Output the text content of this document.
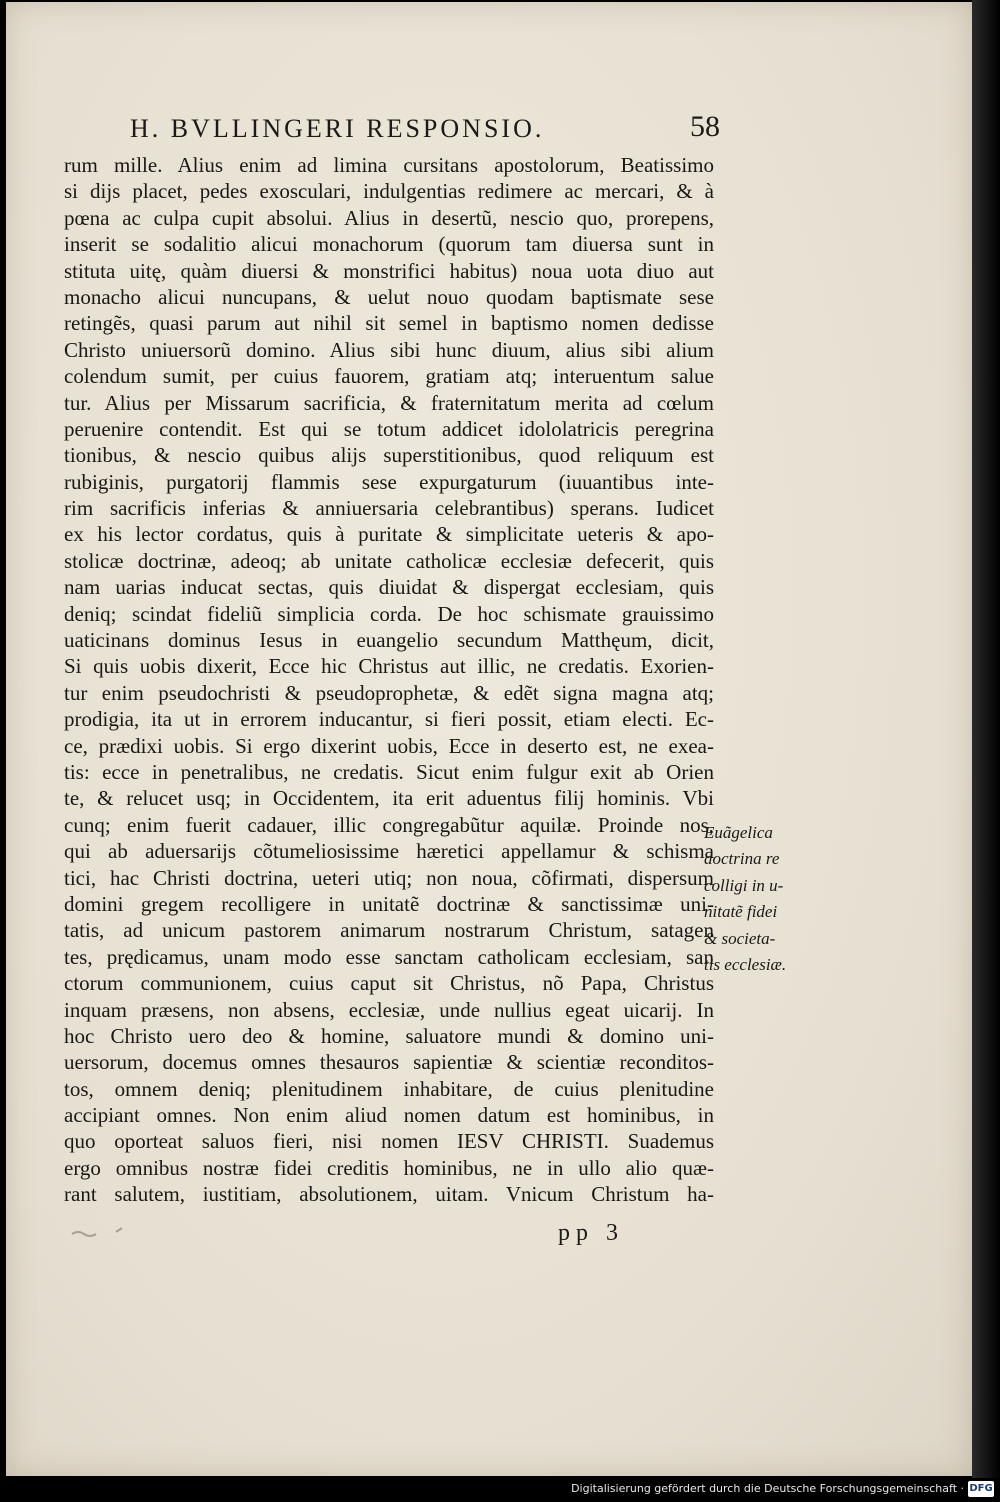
H. BVLLINGERI RESPONSIO.	58
rum mille. Alius enim ad limina cursitans apostolorum, Beatissimo
si dijs placet, pedes exosculari, indulgentias redimere ac mercari, & à
pœna ac culpa cupit absolui. Alius in desertũ, nescio quo, prorepens,
inserit se sodalitio alicui monachorum (quorum tam diuersa sunt in
stituta uitę, quàm diuersi & monstrifici habitus) noua uota diuo aut
monacho alicui nuncupans, & uelut nouo quodam baptismate sese
retingẽs, quasi parum aut nihil sit semel in baptismo nomen dedisse
Christo uniuersorũ domino. Alius sibi hunc diuum, alius sibi alium
colendum sumit, per cuius fauorem, gratiam atq; interuentum salue
tur. Alius per Missarum sacrificia, & fraternitatum merita ad cœlum
peruenire contendit. Est qui se totum addicet idololatricis peregrina
tionibus, & nescio quibus alijs superstitionibus, quod reliquum est
rubiginis, purgatorij flammis sese expurgaturum (iuuantibus inte-
rim sacrificis inferias & anniuersaria celebrantibus) sperans. Iudicet
ex his lector cordatus, quis à puritate & simplicitate ueteris & apo-
stolicæ doctrinæ, adeoq; ab unitate catholicæ ecclesiæ defecerit, quis
nam uarias inducat sectas, quis diuidat & dispergat ecclesiam, quis
deniq; scindat fideliũ simplicia corda. De hoc schismate grauissimo
uaticinans dominus Iesus in euangelio secundum Matthęum, dicit,
Si quis uobis dixerit, Ecce hic Christus aut illic, ne credatis. Exorien-
tur enim pseudochristi & pseudoprophetæ, & edẽt signa magna atq;
prodigia, ita ut in errorem inducantur, si fieri possit, etiam electi. Ec-
ce, prædixi uobis. Si ergo dixerint uobis, Ecce in deserto est, ne exea-
tis: ecce in penetralibus, ne credatis. Sicut enim fulgur exit ab Orien
te, & relucet usq; in Occidentem, ita erit aduentus filij hominis. Vbi
cunq; enim fuerit cadauer, illic congregabũtur aquilæ. Proinde nos,
qui ab aduersarijs cõtumeliosissime hæretici appellamur & schisma
tici, hac Christi doctrina, ueteri utiq; non noua, cõfirmati, dispersum
domini gregem recolligere in unitatẽ doctrinæ & sanctissimæ uni-
tatis, ad unicum pastorem animarum nostrarum Christum, satagen
tes, prędicamus, unam modo esse sanctam catholicam ecclesiam, san
ctorum communionem, cuius caput sit Christus, nõ Papa, Christus
inquam præsens, non absens, ecclesiæ, unde nullius egeat uicarij. In
hoc Christo uero deo & homine, saluatore mundi & domino uni-
uersorum, docemus omnes thesauros sapientiæ & scientiæ reconditos-
tos, omnem deniq; plenitudinem inhabitare, de cuius plenitudine
accipiant omnes. Non enim aliud nomen datum est hominibus, in
quo oporteat saluos fieri, nisi nomen IESV CHRISTI. Suademus
ergo omnibus nostræ fidei creditis hominibus, ne in ullo alio quæ-
rant salutem, iustitiam, absolutionem, uitam. Vnicum Christum ha-
Euãgelica
doctrina re
colligi in u-
nitatẽ fidei
& societa-
tis ecclesiæ.
pp 3
Digitalisierung gefördert durch die Deutsche Forschungsgemeinschaft · DFG
